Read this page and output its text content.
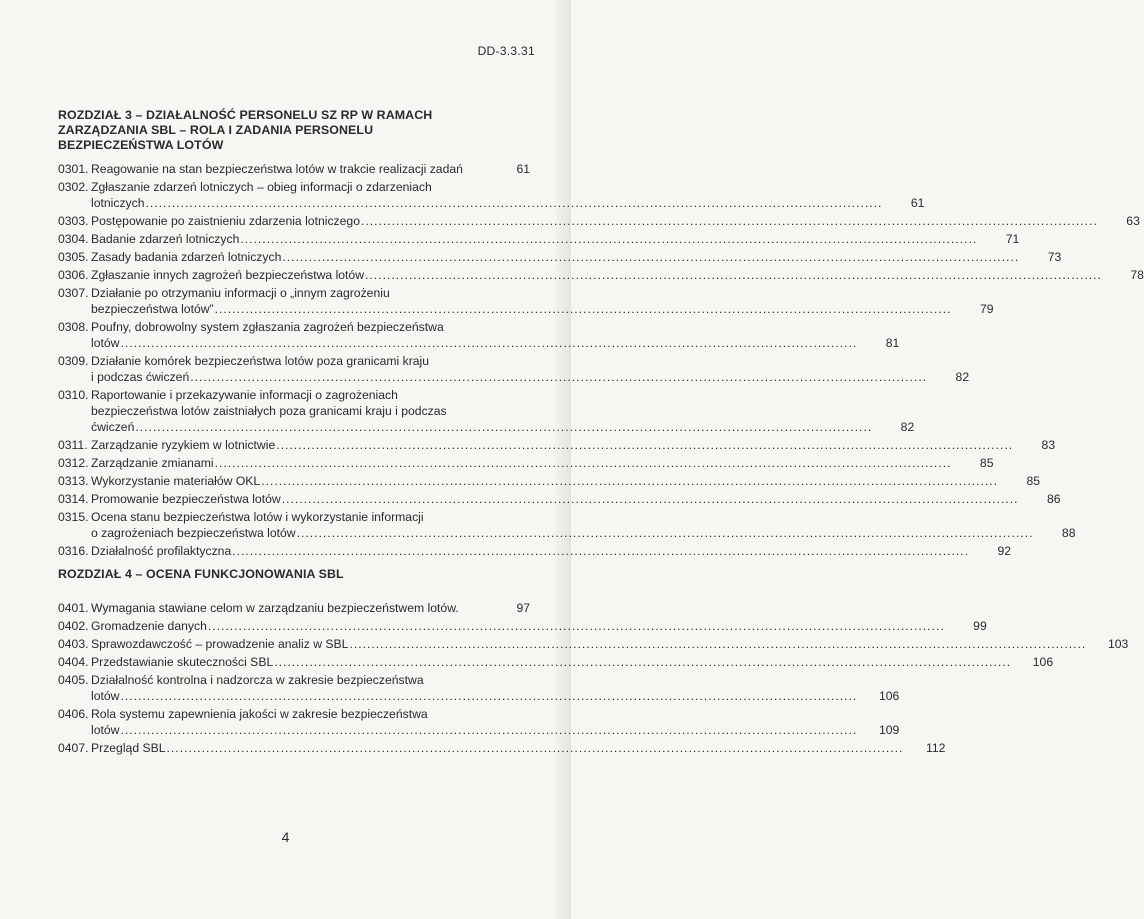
DD-3.3.31
ROZDZIAŁ 3 – DZIAŁALNOŚĆ PERSONELU SZ RP W RAMACH
ZARZĄDZANIA SBL – ROLA I ZADANIA PERSONELU
BEZPIECZEŃSTWA LOTÓW
0301. Reagowanie na stan bezpieczeństwa lotów w trakcie realizacji zadań	61
0302. Zgłaszanie zdarzeń lotniczych – obieg informacji o zdarzeniach
lotniczych .....	61
0303. Postępowanie po zaistnieniu zdarzenia lotniczego .....	63
0304. Badanie zdarzeń lotniczych .....	71
0305. Zasady badania zdarzeń lotniczych .....	73
0306. Zgłaszanie innych zagrożeń bezpieczeństwa lotów .....	78
0307. Działanie po otrzymaniu informacji o „innym zagrożeniu
bezpieczeństwa lotów” .....	79
0308. Poufny, dobrowolny system zgłaszania zagrożeń bezpieczeństwa
lotów .....	81
0309. Działanie komórek bezpieczeństwa lotów poza granicami kraju
i podczas ćwiczeń .....	82
0310. Raportowanie i przekazywanie informacji o zagrożeniach
bezpieczeństwa lotów zaistniałych poza granicami kraju i podczas
ćwiczeń .....	82
0311. Zarządzanie ryzykiem w lotnictwie .....	83
0312. Zarządzanie zmianami .....	85
0313. Wykorzystanie materiałów OKL .....	85
0314. Promowanie bezpieczeństwa lotów .....	86
0315. Ocena stanu bezpieczeństwa lotów i wykorzystanie informacji
o zagrożeniach bezpieczeństwa lotów .....	88
0316. Działalność profilaktyczna .....	92
ROZDZIAŁ 4 – OCENA FUNKCJONOWANIA SBL
0401. Wymagania stawiane celom w zarządzaniu bezpieczeństwem lotów.	97
0402. Gromadzenie danych .....	99
0403. Sprawozdawczość – prowadzenie analiz w SBL .....	103
0404. Przedstawianie skuteczności SBL .....	106
0405. Działalność kontrolna i nadzorcza w zakresie bezpieczeństwa
lotów .....	106
0406. Rola systemu zapewnienia jakości w zakresie bezpieczeństwa
lotów .....	109
0407. Przegląd SBL .....	112
4
